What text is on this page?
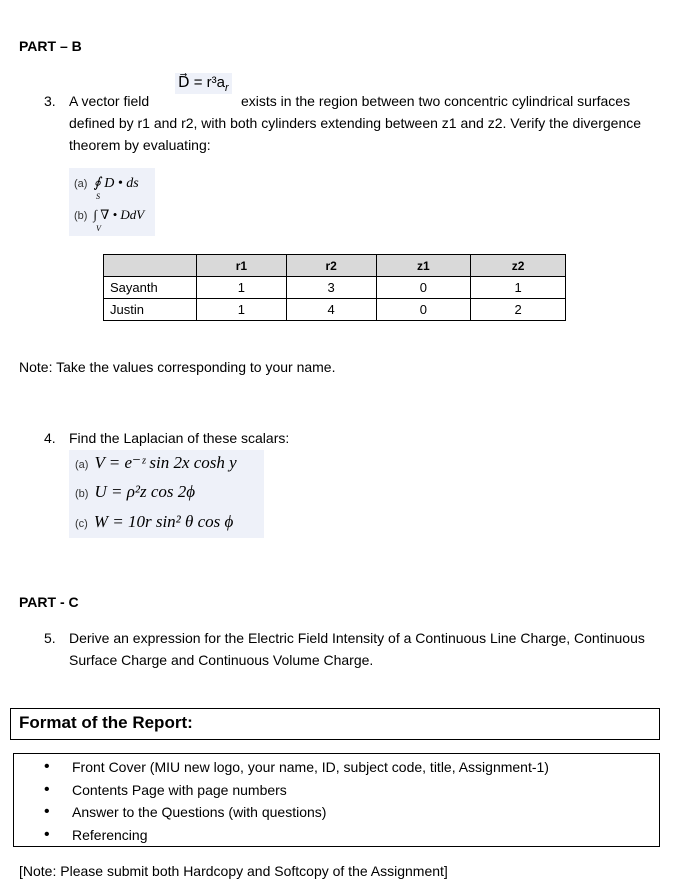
PART – B
3. A vector field
D⃗ = $r^3a_r$
exists in the region between two concentric cylindrical surfaces
defined by r1 and r2, with both cylinders extending between z1 and z2. Verify the divergence
theorem by evaluating:
(a) ∮ D • ds
S
(b) ∫ ∇ • DdV
V
	r1	r2	z1	z2
Sayanth	1	3	0	1
Justin	1	4	0	2
Note: Take the values corresponding to your name.
4. Find the Laplacian of these scalars:
(a) V = e⁻ᶻ sin 2x cosh y
(b) U = ρ²z cos 2ϕ
(c) W = 10r sin² θ cos ϕ
PART - C
5. Derive an expression for the Electric Field Intensity of a Continuous Line Charge, Continuous
Surface Charge and Continuous Volume Charge.
Format of the Report:
• Front Cover (MIU new logo, your name, ID, subject code, title, Assignment-1)
• Contents Page with page numbers
• Answer to the Questions (with questions)
• Referencing
[Note: Please submit both Hardcopy and Softcopy of the Assignment]
